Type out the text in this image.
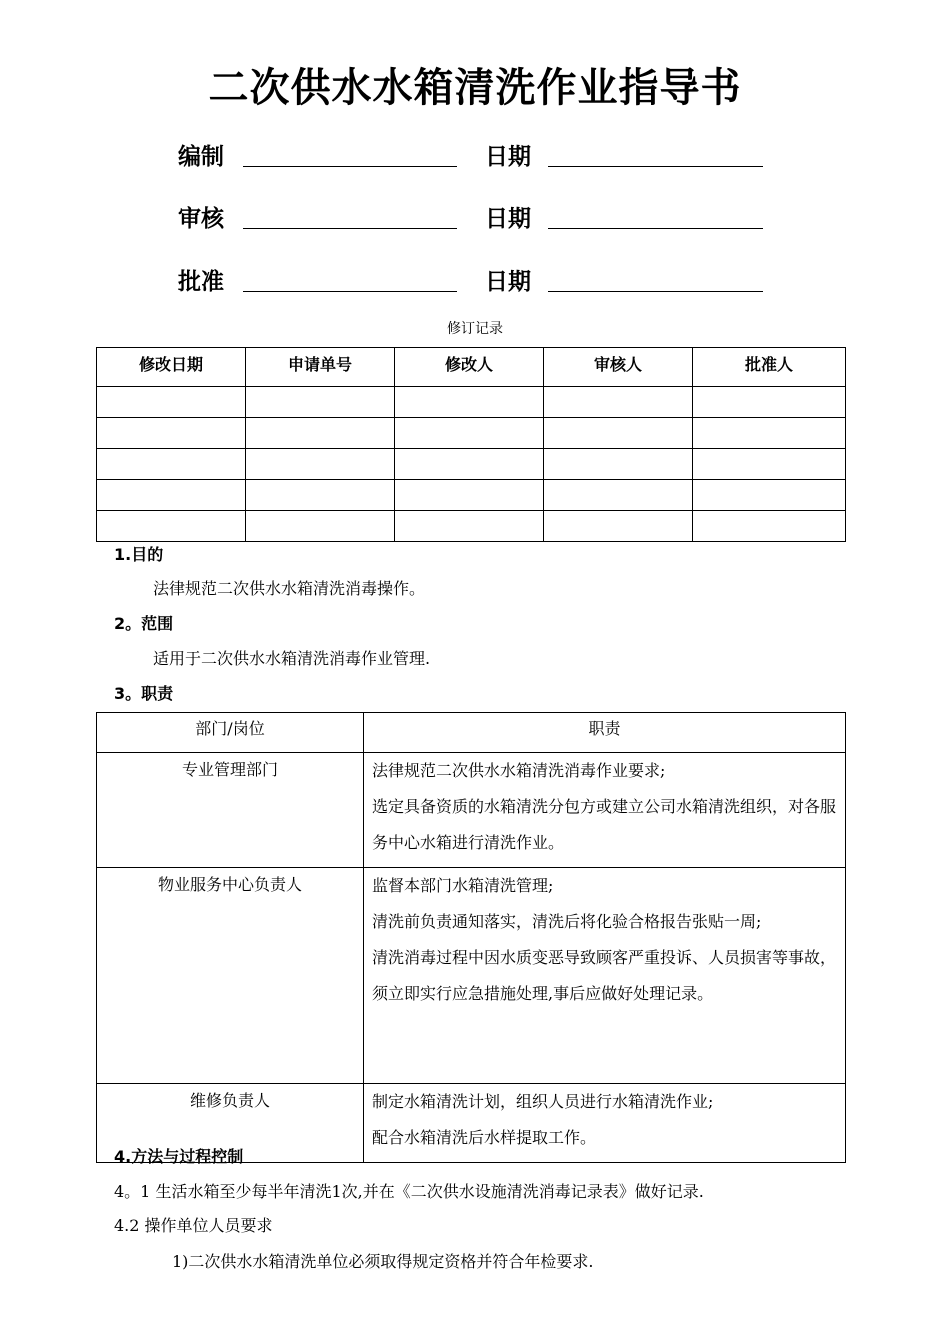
二次供水水箱清洗作业指导书
编制	日期
审核	日期
批准	日期
修订记录
修改日期	申请单号	修改人	审核人	批准人

1.目的
法律规范二次供水水箱清洗消毒操作。
2。范围
适用于二次供水水箱清洗消毒作业管理.
3。职责
部门/岗位	职责
专业管理部门	法律规范二次供水水箱清洗消毒作业要求;
选定具备资质的水箱清洗分包方或建立公司水箱清洗组织，对各服务中心水箱进行清洗作业。

物业服务中心负责人	监督本部门水箱清洗管理;
清洗前负责通知落实，清洗后将化验合格报告张贴一周;
清洗消毒过程中因水质变恶导致顾客严重投诉、人员损害等事故，须立即实行应急措施处理,事后应做好处理记录。

维修负责人	制定水箱清洗计划，组织人员进行水箱清洗作业;
配合水箱清洗后水样提取工作。
4.方法与过程控制
4。1 生活水箱至少每半年清洗1次,并在《二次供水设施清洗消毒记录表》做好记录.
4.2 操作单位人员要求
1)二次供水水箱清洗单位必须取得规定资格并符合年检要求.
